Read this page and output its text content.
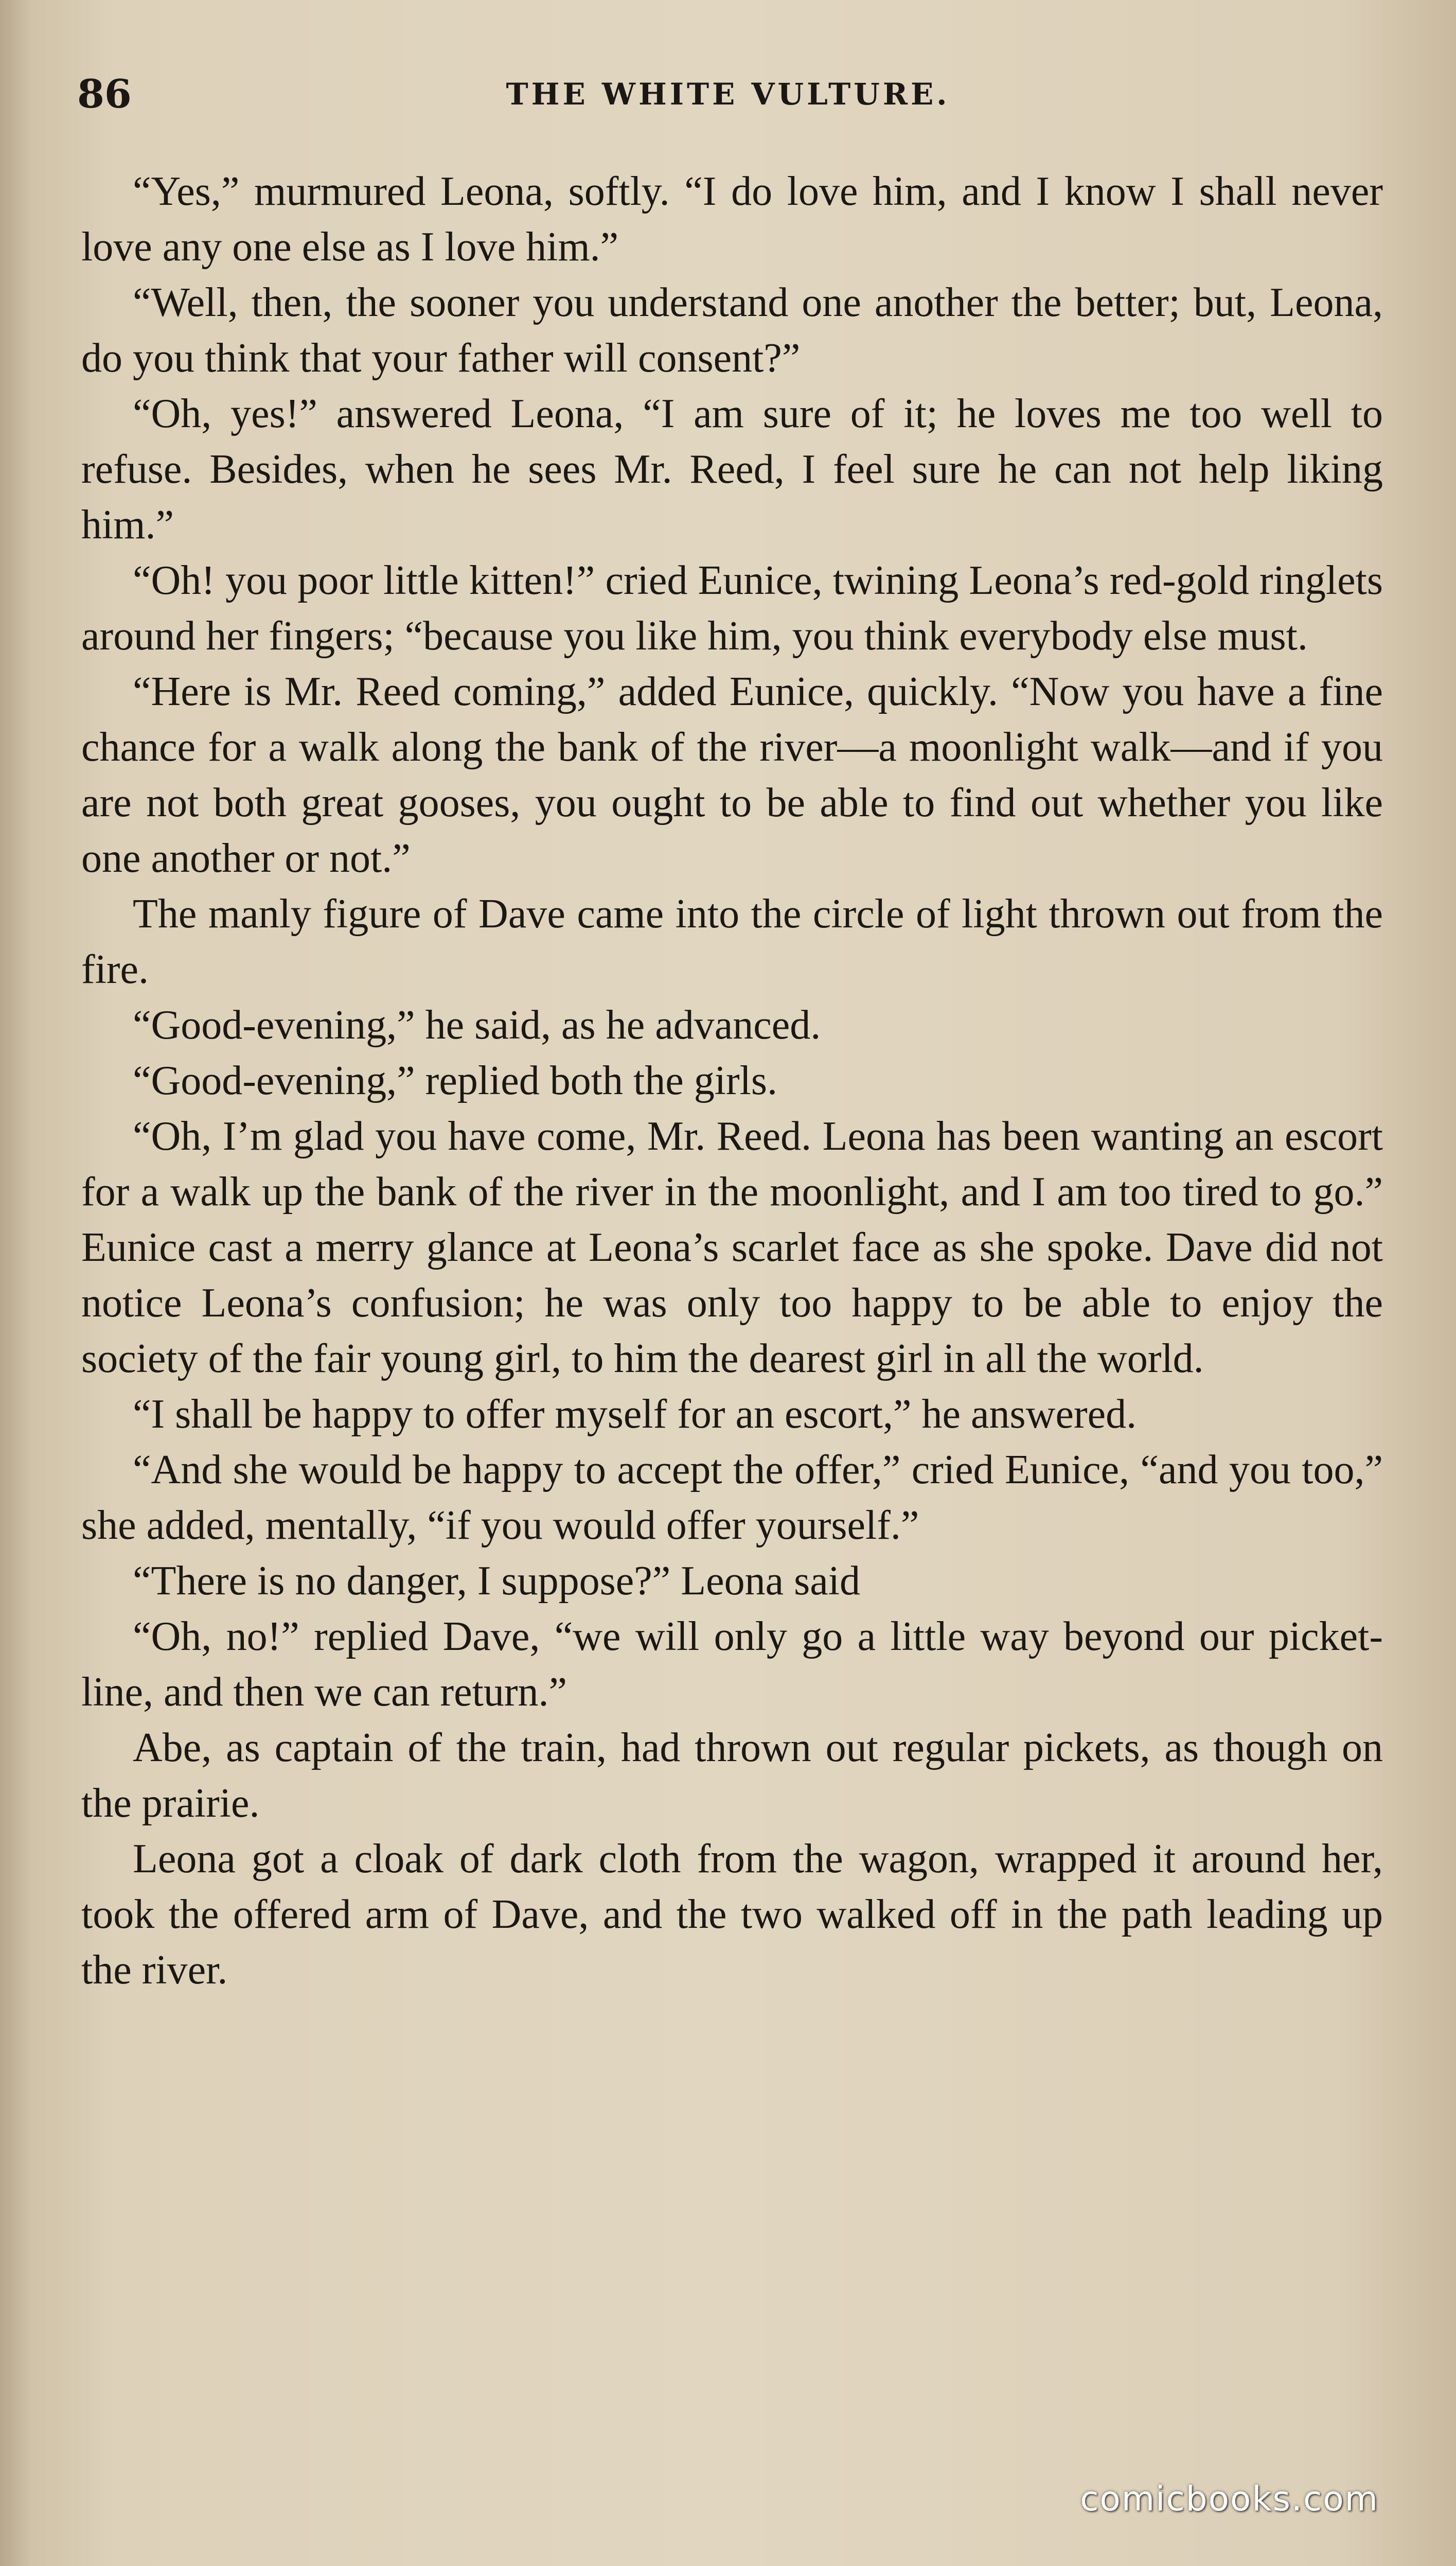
86	THE WHITE VULTURE.

“Yes,” murmured Leona, softly. “I do love him, and I know I shall never love any one else as I love him.”

“Well, then, the sooner you understand one another the better; but, Leona, do you think that your father will consent?”

“Oh, yes!” answered Leona, “I am sure of it; he loves me too well to refuse. Besides, when he sees Mr. Reed, I feel sure he can not help liking him.”

“Oh! you poor little kitten!” cried Eunice, twining Leona’s red-gold ringlets around her fingers; “because you like him, you think everybody else must.

“Here is Mr. Reed coming,” added Eunice, quickly. “Now you have a fine chance for a walk along the bank of the river—a moonlight walk—and if you are not both great gooses, you ought to be able to find out whether you like one another or not.”

The manly figure of Dave came into the circle of light thrown out from the fire.

“Good-evening,” he said, as he advanced.

“Good-evening,” replied both the girls.

“Oh, I’m glad you have come, Mr. Reed. Leona has been wanting an escort for a walk up the bank of the river in the moonlight, and I am too tired to go.” Eunice cast a merry glance at Leona’s scarlet face as she spoke. Dave did not notice Leona’s confusion; he was only too happy to be able to enjoy the society of the fair young girl, to him the dearest girl in all the world.

“I shall be happy to offer myself for an escort,” he answered.

“And she would be happy to accept the offer,” cried Eunice, “and you too,” she added, mentally, “if you would offer yourself.”

“There is no danger, I suppose?” Leona said

“Oh, no!” replied Dave, “we will only go a little way beyond our picket-line, and then we can return.”

Abe, as captain of the train, had thrown out regular pickets, as though on the prairie.

Leona got a cloak of dark cloth from the wagon, wrapped it around her, took the offered arm of Dave, and the two walked off in the path leading up the river.

comicbooks.com
